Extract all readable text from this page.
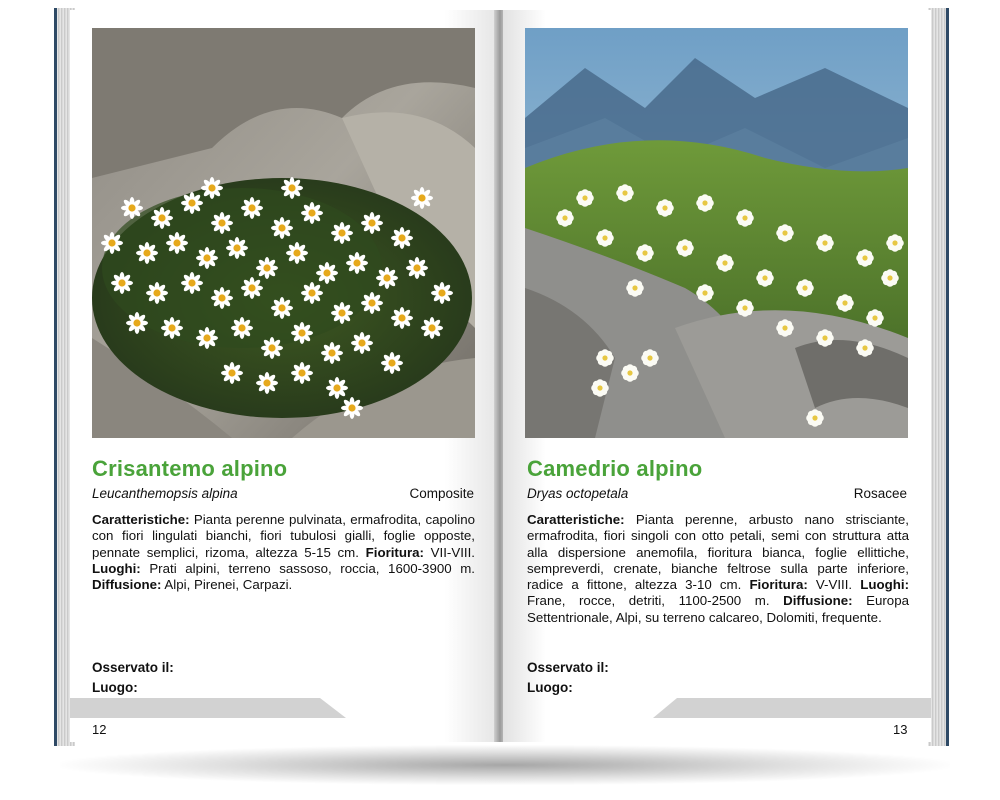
Crisantemo alpino
Leucanthemopsis alpina	Composite
Caratteristiche: Pianta perenne pulvinata, ermafrodita, capolino con fiori lingulati bianchi, fiori tubulosi gialli, foglie opposte, pennate semplici, rizoma, altezza 5-15 cm. Fioritura: VII-VIII. Luoghi: Prati alpini, terreno sassoso, roccia, 1600-3900 m. Diffusione: Alpi, Pirenei, Carpazi.
Osservato il:
Luogo:
12
Camedrio alpino
Dryas octopetala	Rosacee
Caratteristiche: Pianta perenne, arbusto nano strisciante, ermafrodita, fiori singoli con otto petali, semi con struttura atta alla dispersione anemofila, fioritura bianca, foglie ellittiche, sempreverdi, crenate, bianche feltrose sulla parte inferiore, radice a fittone, altezza 3-10 cm. Fioritura: V-VIII. Luoghi: Frane, rocce, detriti, 1100-2500 m. Diffusione: Europa Settentrionale, Alpi, su terreno calcareo, Dolomiti, frequente.
Osservato il:
Luogo:
13
